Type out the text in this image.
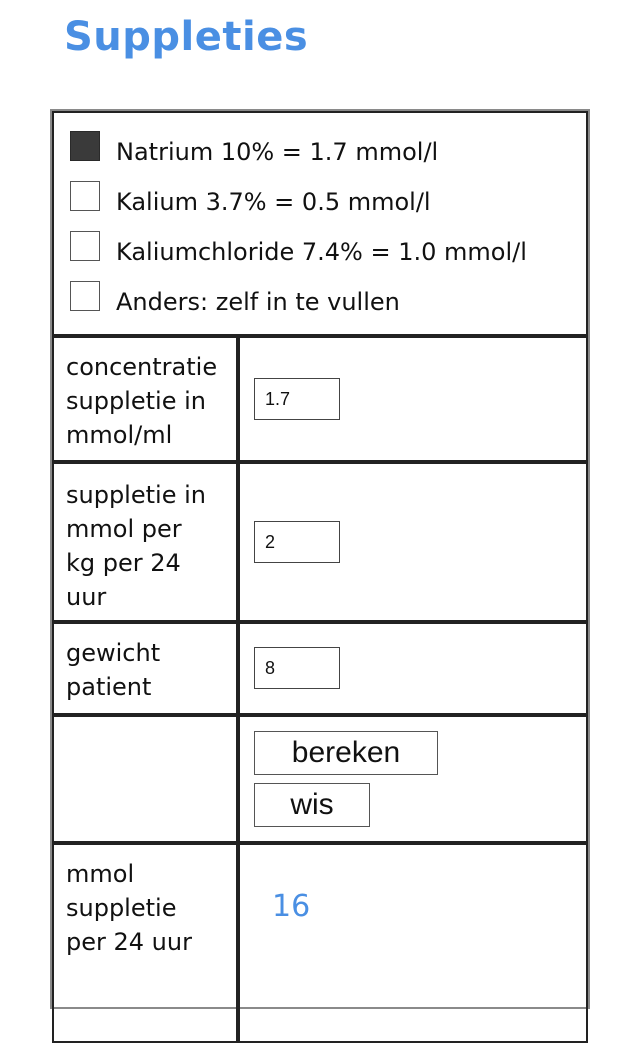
Suppleties
Natrium 10% = 1.7 mmol/l
Kalium 3.7% = 0.5 mmol/l
Kaliumchloride 7.4% = 1.0 mmol/l
Anders: zelf in te vullen
concentratie
suppletie in
mmol/ml
1.7
suppletie in
mmol per
kg per 24
uur
2
gewicht
patient
8
bereken
wis
mmol
suppletie
per 24 uur
16
